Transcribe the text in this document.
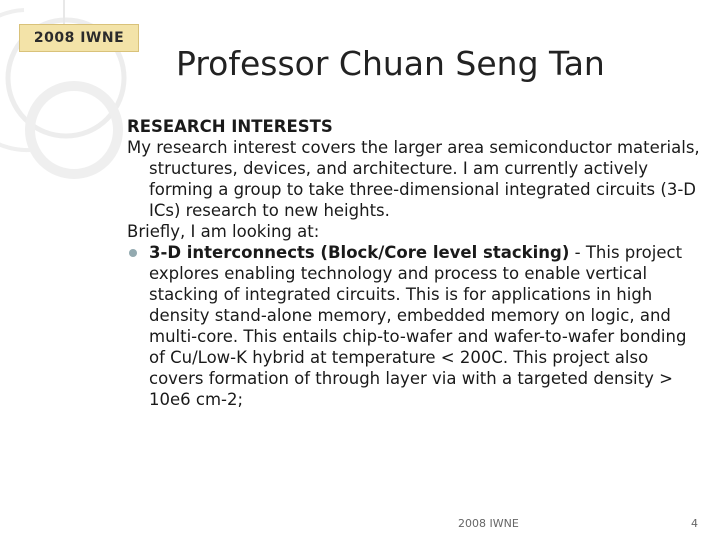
2008 IWNE
Professor Chuan Seng Tan

RESEARCH INTERESTS

My research interest covers the larger area semiconductor materials, structures, devices, and architecture. I am currently actively forming a group to take three-dimensional integrated circuits (3-D ICs) research to new heights.

Briefly, I am looking at:

3-D interconnects (Block/Core level stacking) - This project explores enabling technology and process to enable vertical stacking of integrated circuits. This is for applications in high density stand-alone memory, embedded memory on logic, and multi-core. This entails chip-to-wafer and wafer-to-wafer bonding of Cu/Low-K hybrid at temperature < 200C. This project also covers formation of through layer via with a targeted density > 10e6 cm-2;
2008 IWNE	4
